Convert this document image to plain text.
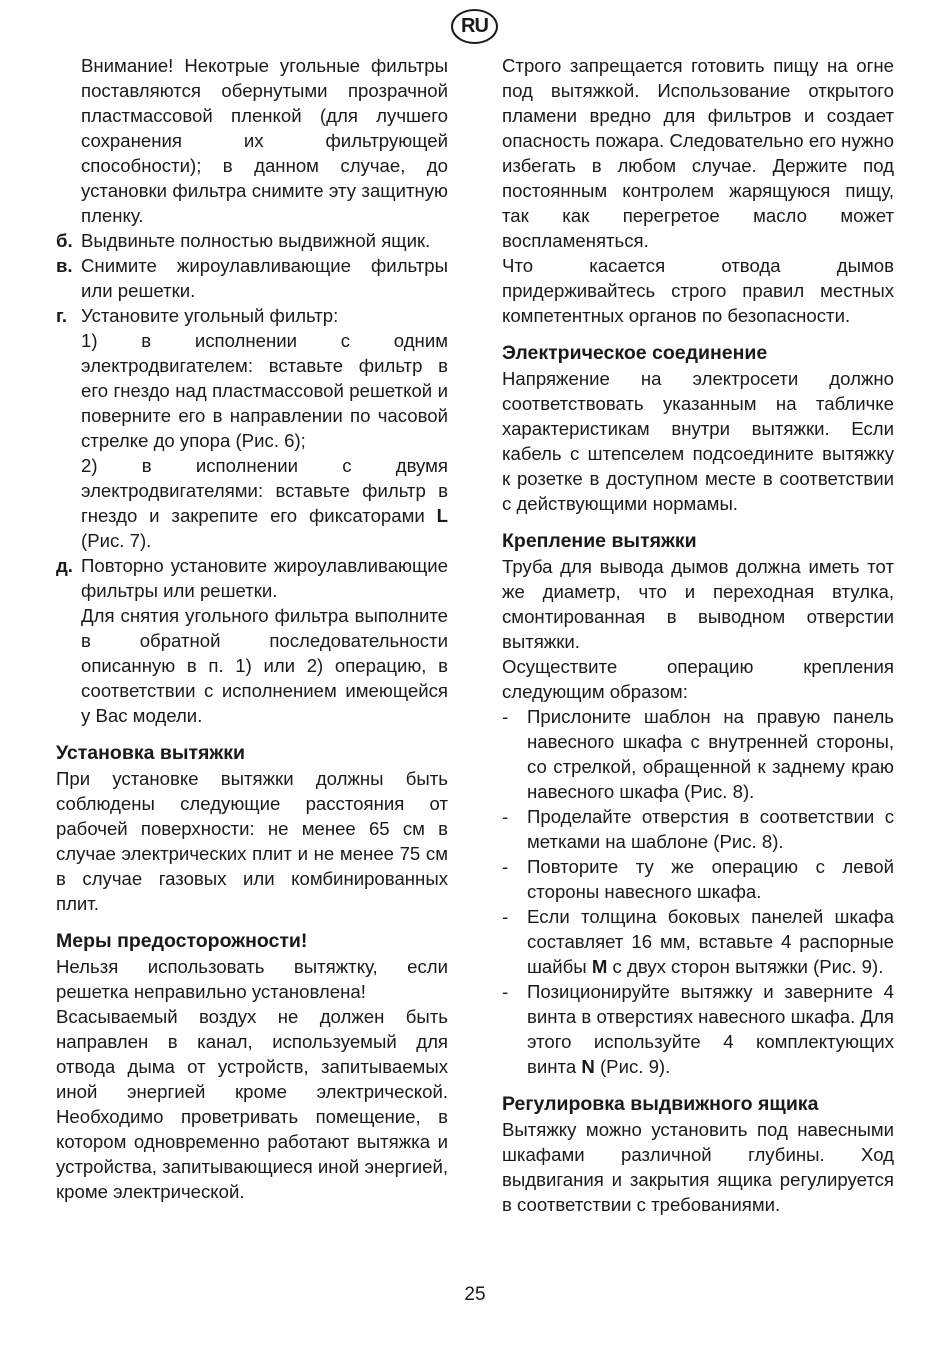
RU

Внимание! Некотрые угольные фильтры поставляются обернутыми прозрачной пластмассовой пленкой (для лучшего сохранения их фильтрующей способности); в данном случае, до установки фильтра снимите эту защитную пленку.

б. Выдвиньте полностью выдвижной ящик.

в. Снимите жироулавливающие фильтры или решетки.

г. Установите угольный фильтр:

1) в исполнении с одним электродвигателем: вставьте фильтр в его гнездо над пластмассовой решеткой и поверните его в направлении по часовой стрелке до упора (Рис. 6);

2) в исполнении с двумя электродвигателями: вставьте фильтр в гнездо и закрепите его фиксаторами L (Рис. 7).

д. Повторно установите жироулавливающие фильтры или решетки.

Для снятия угольного фильтра выполните в обратной последовательности описанную в п. 1) или 2) операцию, в соответствии с исполнением имеющейся у Вас модели.

Установка вытяжки

При установке вытяжки должны быть соблюдены следующие расстояния от рабочей поверхности: не менее 65 см в случае электрических плит и не менее 75 см в случае газовых или комбинированных плит.

Меры предосторожности!

Нельзя использовать вытяжтку, если решетка неправильно установлена!

Всасываемый воздух не должен быть направлен в канал, используемый для отвода дыма от устройств, запитываемых иной энергией кроме электрической. Необходимо проветривать помещение, в котором одновременно работают вытяжка и устройства, запитывающиеся иной энергией, кроме электрической.

Строго запрещается готовить пищу на огне под вытяжкой. Использование открытого пламени вредно для фильтров и создает опасность пожара. Следовательно его нужно избегать в любом случае. Держите под постоянным контролем жарящуюся пищу, так как перегретое масло может воспламеняться.

Что касается отвода дымов придерживайтесь строго правил местных компетентных органов по безопасности.

Электрическое соединение

Напряжение на электросети должно соответствовать указанным на табличке характеристикам внутри вытяжки. Если кабель с штепселем подсоедините вытяжку к розетке в доступном месте в соответствии с действующими нормамы.

Крепление вытяжки

Труба для вывода дымов должна иметь тот же диаметр, что и переходная втулка, смонтированная в выводном отверстии вытяжки.

Осуществите операцию крепления следующим образом:

- Прислоните шаблон на правую панель навесного шкафа с внутренней стороны, со стрелкой, обращенной к заднему краю навесного шкафа (Рис. 8).

- Проделайте отверстия в соответствии с метками на шаблоне (Рис. 8).

- Повторите ту же операцию с левой стороны навесного шкафа.

- Если толщина боковых панелей шкафа составляет 16 мм, вставьте 4 распорные шайбы M с двух сторон вытяжки (Рис. 9).

- Позиционируйте вытяжку и заверните 4 винта в отверстиях навесного шкафа. Для этого используйте 4 комплектующих винта N (Рис. 9).

Регулировка выдвижного ящика

Вытяжку можно установить под навесными шкафами различной глубины. Ход выдвигания и закрытия ящика регулируется в соответствии с требованиями.

25
